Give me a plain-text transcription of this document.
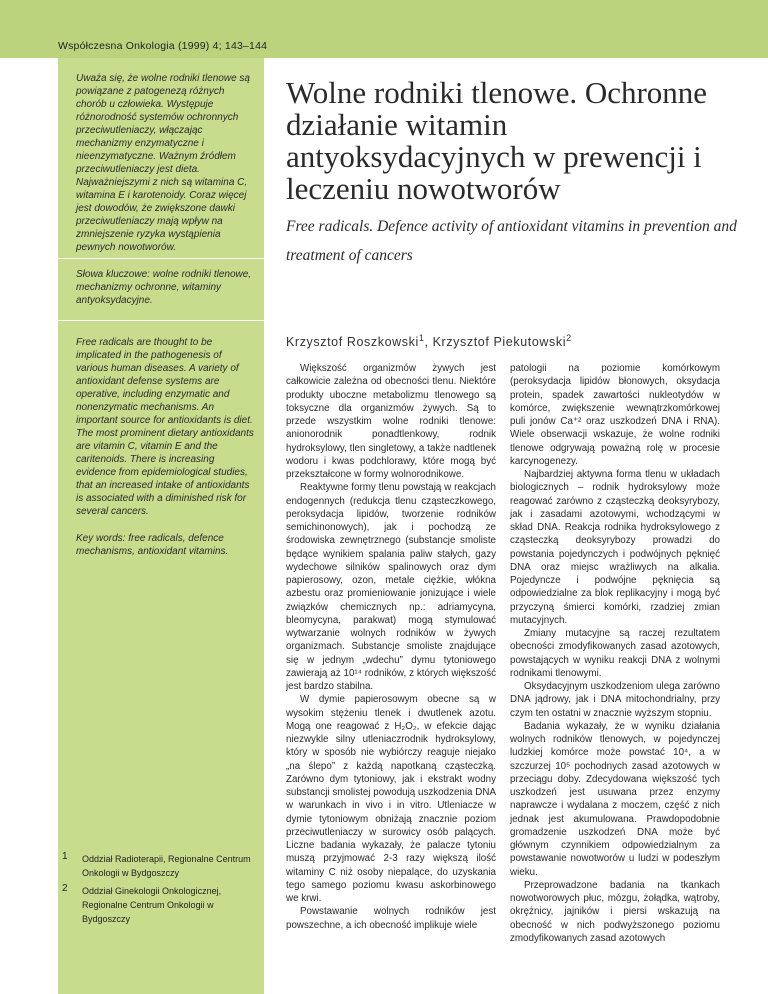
Współczesna Onkologia (1999) 4; 143–144

Uważa się, że wolne rodniki tlenowe są powiązane z patogenezą różnych chorób u człowieka. Występuje różnorodność systemów ochronnych przeciwutleniaczy, włączając mechanizmy enzymatyczne i nieenzymatyczne. Ważnym źródłem przeciwutleniaczy jest dieta. Najważniejszymi z nich są witamina C, witamina E i karotenoidy. Coraz więcej jest dowodów, że zwiększone dawki przeciwutleniaczy mają wpływ na zmniejszenie ryzyka wystąpienia pewnych nowotworów.

Słowa kluczowe: wolne rodniki tlenowe, mechanizmy ochronne, witaminy antyoksydacyjne.

Free radicals are thought to be implicated in the pathogenesis of various human diseases. A variety of antioxidant defense systems are operative, including enzymatic and nonenzymatic mechanisms. An important source for antioxidants is diet. The most prominent dietary antioxidants are vitamin C, vitamin E and the caritenoids. There is increasing evidence from epidemiological studies, that an increased intake of antioxidants is associated with a diminished risk for several cancers.

Key words: free radicals, defence mechanisms, antioxidant vitamins.

1 Oddział Radioterapii, Regionalne Centrum Onkologii w Bydgoszczy
2 Oddział Ginekologii Onkologicznej, Regionalne Centrum Onkologii w Bydgoszczy
Wolne rodniki tlenowe. Ochronne działanie witamin antyoksydacyjnych w prewencji i leczeniu nowotworów

Free radicals. Defence activity of antioxidant vitamins in prevention and treatment of cancers

Krzysztof Roszkowski$^1$, Krzysztof Piekutowski$^2$

Większość organizmów żywych jest całkowicie zależna od obecności tlenu. Niektóre produkty uboczne metabolizmu tlenowego są toksyczne dla organizmów żywych. Są to przede wszystkim wolne rodniki tlenowe: anionorodnik ponadtlenkowy, rodnik hydroksylowy, tlen singletowy, a także nadtlenek wodoru i kwas podchlorawy, które mogą być przekształcone w formy wolnorodnikowe.

Reaktywne formy tlenu powstają w reakcjach endogennych (redukcja tlenu cząsteczkowego, peroksydacja lipidów, tworzenie rodników semichinonowych), jak i pochodzą ze środowiska zewnętrznego (substancje smoliste będące wynikiem spalania paliw stałych, gazy wydechowe silników spalinowych oraz dym papierosowy, ozon, metale ciężkie, włókna azbestu oraz promieniowanie jonizujące i wiele związków chemicznych np.: adriamycyna, bleomycyna, parakwat) mogą stymulować wytwarzanie wolnych rodników w żywych organizmach. Substancje smoliste znajdujące się w jednym „wdechu” dymu tytoniowego zawierają aż 10¹⁴ rodników, z których większość jest bardzo stabilna.

W dymie papierosowym obecne są w wysokim stężeniu tlenek i dwutlenek azotu. Mogą one reagować z H₂O₂, w efekcie dając niezwykle silny utleniaczrodnik hydroksylowy, który w sposób nie wybiórczy reaguje niejako „na ślepo” z każdą napotkaną cząsteczką. Zarówno dym tytoniowy, jak i ekstrakt wodny substancji smolistej powodują uszkodzenia DNA w warunkach in vivo i in vitro. Utleniacze w dymie tytoniowym obniżają znacznie poziom przeciwutleniaczy w surowicy osób palących. Liczne badania wykazały, że palacze tytoniu muszą przyjmować 2-3 razy większą ilość witaminy C niż osoby niepalące, do uzyskania tego samego poziomu kwasu askorbinowego we krwi.

Powstawanie wolnych rodników jest powszechne, a ich obecność implikuje wiele

patologii na poziomie komórkowym (peroksydacja lipidów błonowych, oksydacja protein, spadek zawartości nukleotydów w komórce, zwiększenie wewnątrzkomórkowej puli jonów Ca⁺² oraz uszkodzeń DNA i RNA). Wiele obserwacji wskazuje, że wolne rodniki tlenowe odgrywają poważną rolę w procesie karcynogenezy.

Najbardziej aktywna forma tlenu w układach biologicznych – rodnik hydroksylowy może reagować zarówno z cząsteczką deoksyrybozy, jak i zasadami azotowymi, wchodzącymi w skład DNA. Reakcja rodnika hydroksylowego z cząsteczką deoksyrybozy prowadzi do powstania pojedynczych i podwójnych pęknięć DNA oraz miejsc wrażliwych na alkalia. Pojedyncze i podwójne pęknięcia są odpowiedzialne za blok replikacyjny i mogą być przyczyną śmierci komórki, rzadziej zmian mutacyjnych.

Zmiany mutacyjne są raczej rezultatem obecności zmodyfikowanych zasad azotowych, powstających w wyniku reakcji DNA z wolnymi rodnikami tlenowymi.

Oksydacyjnym uszkodzeniom ulega zarówno DNA jądrowy, jak i DNA mitochondrialny, przy czym ten ostatni w znacznie wyższym stopniu.

Badania wykazały, że w wyniku działania wolnych rodników tlenowych, w pojedynczej ludzkiej komórce może powstać 10⁴, a w szczurzej 10⁵ pochodnych zasad azotowych w przeciągu doby. Zdecydowana większość tych uszkodzeń jest usuwana przez enzymy naprawcze i wydalana z moczem, część z nich jednak jest akumulowana. Prawdopodobnie gromadzenie uszkodzeń DNA może być głównym czynnikiem odpowiedzialnym za powstawanie nowotworów u ludzi w podeszłym wieku.

Przeprowadzone badania na tkankach nowotworowych płuc, mózgu, żołądka, wątroby, okrężnicy, jajników i piersi wskazują na obecność w nich podwyższonego poziomu zmodyfikowanych zasad azotowych
